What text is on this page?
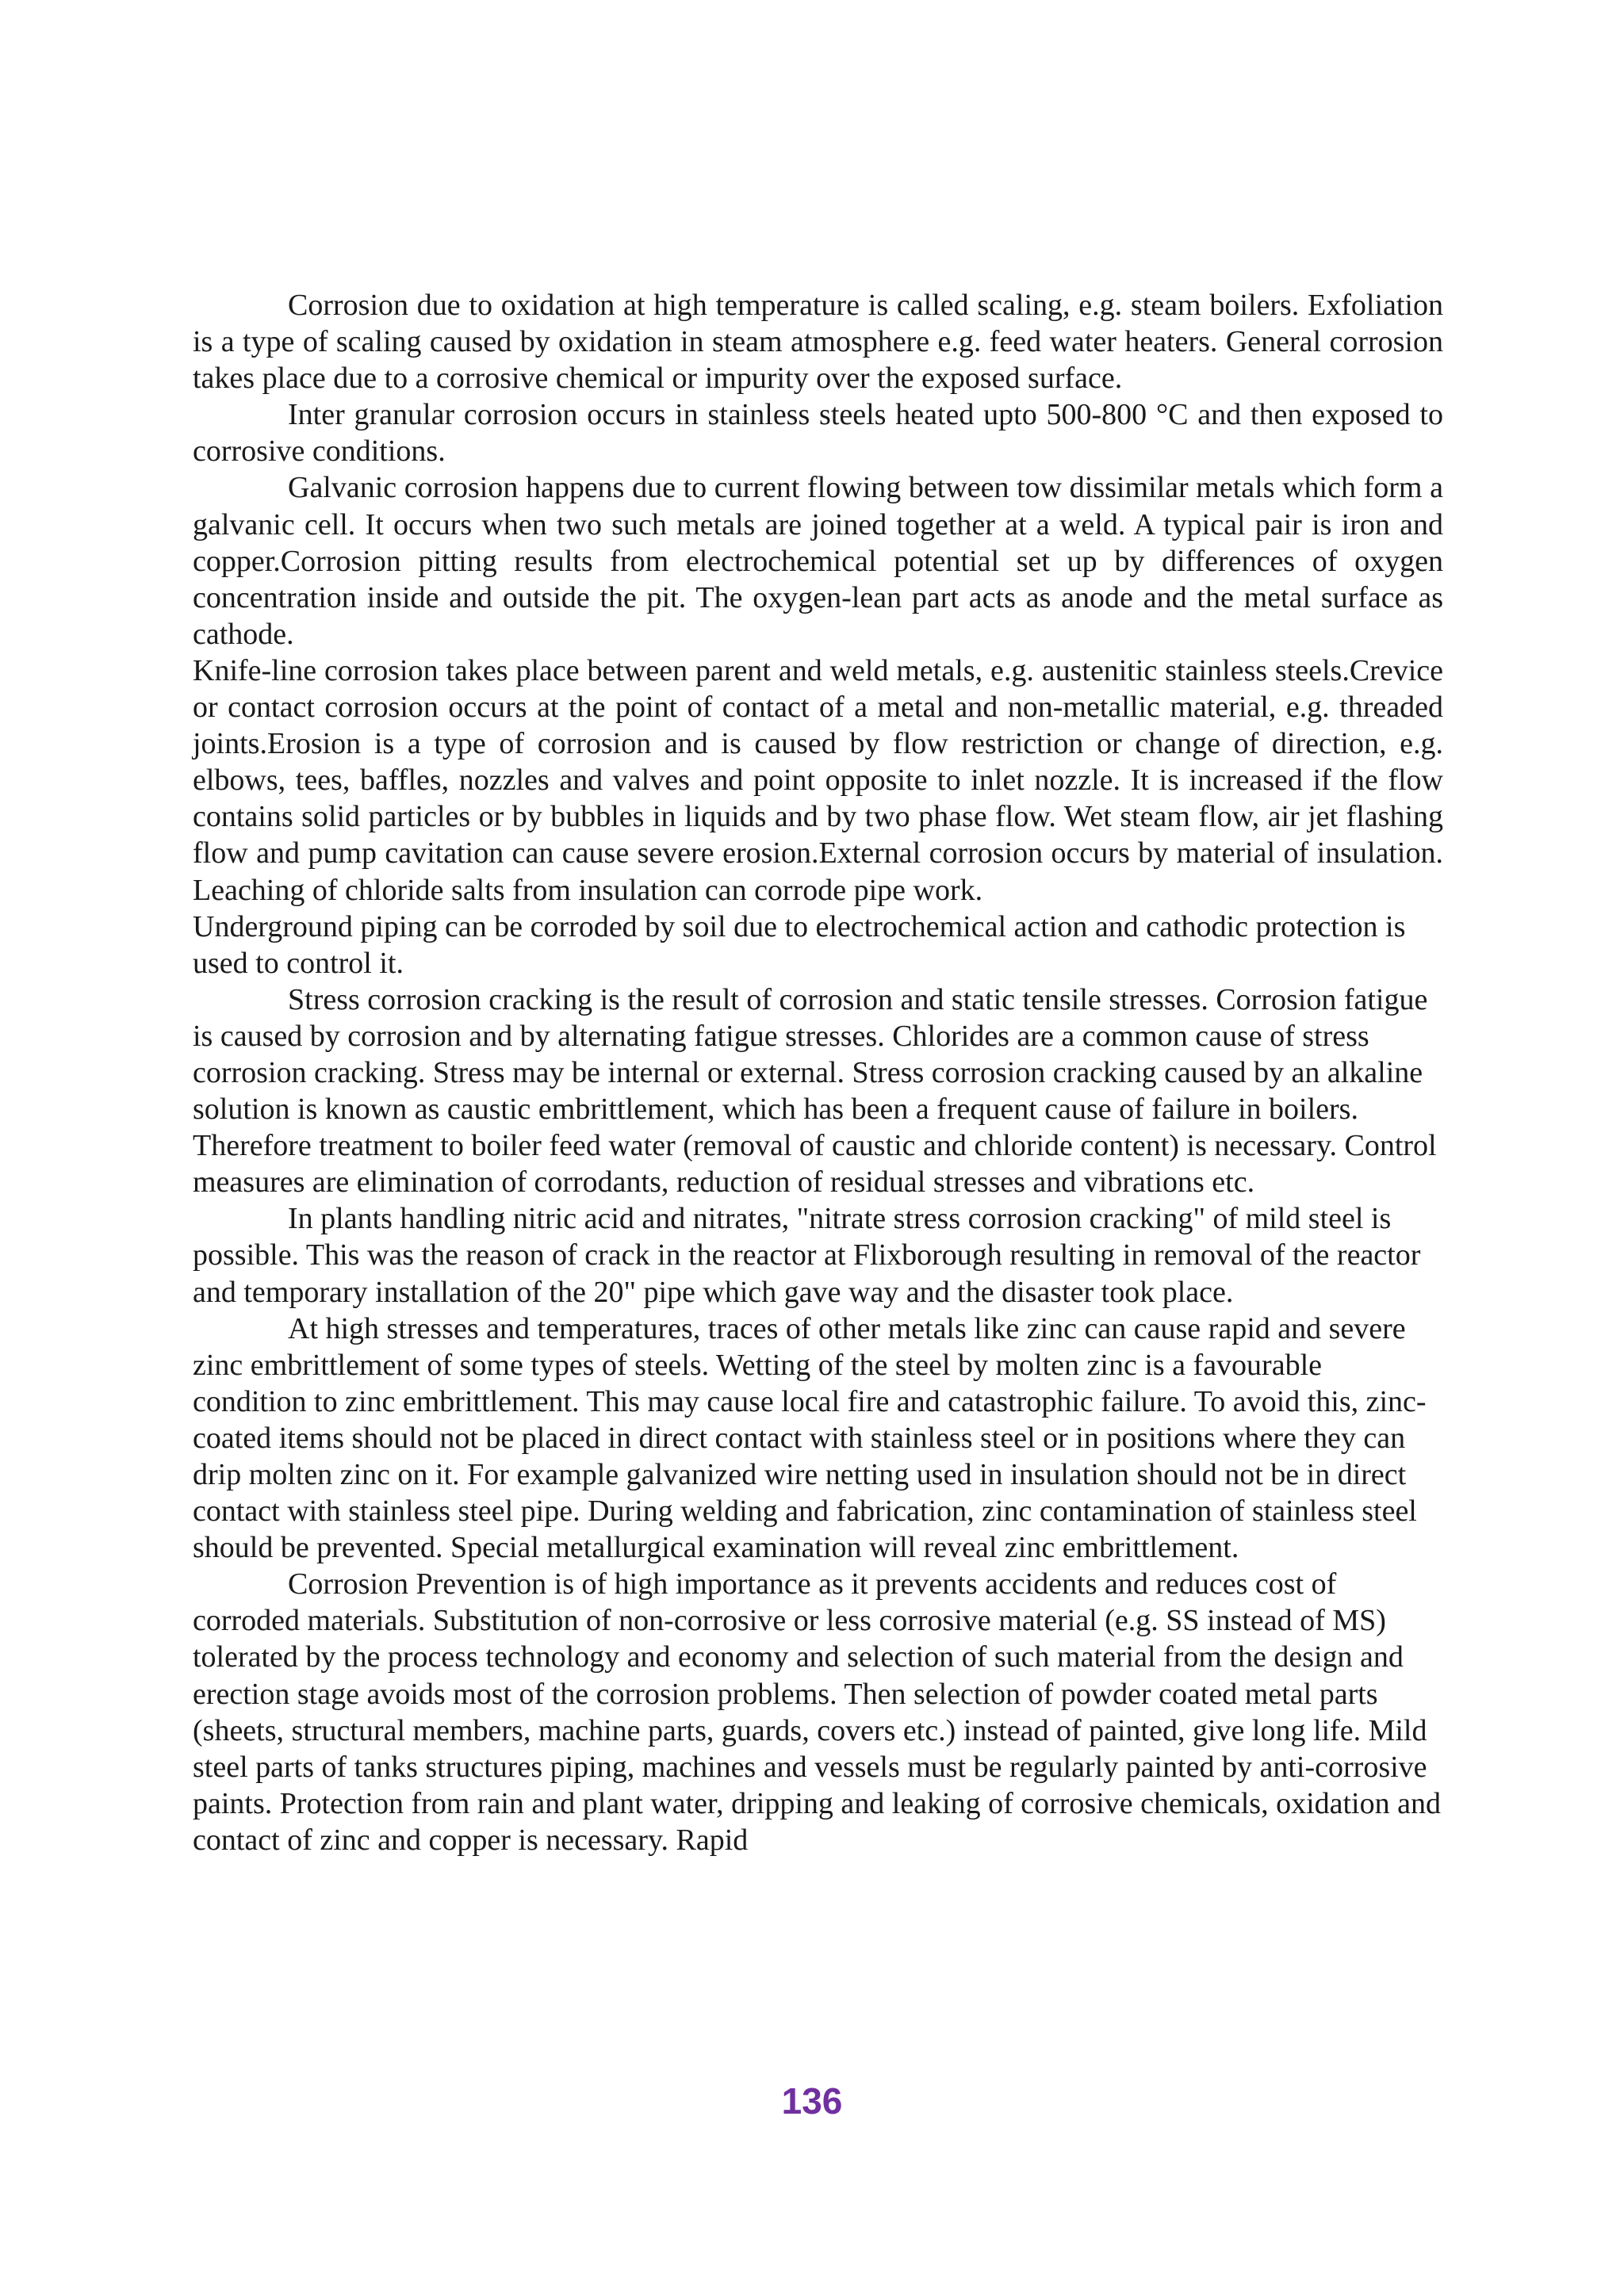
Corrosion due to oxidation at high temperature is called scaling, e.g. steam boilers. Exfoliation is a type of scaling caused by oxidation in steam atmosphere e.g. feed water heaters. General corrosion takes place due to a corrosive chemical or impurity over the exposed surface.

Inter granular corrosion occurs in stainless steels heated upto 500-800 °C and then exposed to corrosive conditions.

Galvanic corrosion happens due to current flowing between tow dissimilar metals which form a galvanic cell. It occurs when two such metals are joined together at a weld. A typical pair is iron and copper.Corrosion pitting results from electrochemical potential set up by differences of oxygen concentration inside and outside the pit. The oxygen-lean part acts as anode and the metal surface as cathode.

Knife-line corrosion takes place between parent and weld metals, e.g. austenitic stainless steels.Crevice or contact corrosion occurs at the point of contact of a metal and non-metallic material, e.g. threaded joints.Erosion is a type of corrosion and is caused by flow restriction or change of direction, e.g. elbows, tees, baffles, nozzles and valves and point opposite to inlet nozzle. It is increased if the flow contains solid particles or by bubbles in liquids and by two phase flow. Wet steam flow, air jet flashing flow and pump cavitation can cause severe erosion.External corrosion occurs by material of insulation. Leaching of chloride salts from insulation can corrode pipe work.

Underground piping can be corroded by soil due to electrochemical action and cathodic protection is used to control it.

Stress corrosion cracking is the result of corrosion and static tensile stresses. Corrosion fatigue is caused by corrosion and by alternating fatigue stresses. Chlorides are a common cause of stress corrosion cracking. Stress may be internal or external. Stress corrosion cracking caused by an alkaline solution is known as caustic embrittlement, which has been a frequent cause of failure in boilers. Therefore treatment to boiler feed water (removal of caustic and chloride content) is necessary. Control measures are elimination of corrodants, reduction of residual stresses and vibrations etc.

In plants handling nitric acid and nitrates, "nitrate stress corrosion cracking" of mild steel is possible. This was the reason of crack in the reactor at Flixborough resulting in removal of the reactor and temporary installation of the 20" pipe which gave way and the disaster took place.

At high stresses and temperatures, traces of other metals like zinc can cause rapid and severe zinc embrittlement of some types of steels. Wetting of the steel by molten zinc is a favourable condition to zinc embrittlement. This may cause local fire and catastrophic failure. To avoid this, zinc-coated items should not be placed in direct contact with stainless steel or in positions where they can drip molten zinc on it. For example galvanized wire netting used in insulation should not be in direct contact with stainless steel pipe. During welding and fabrication, zinc contamination of stainless steel should be prevented. Special metallurgical examination will reveal zinc embrittlement.

Corrosion Prevention is of high importance as it prevents accidents and reduces cost of corroded materials. Substitution of non-corrosive or less corrosive material (e.g. SS instead of MS) tolerated by the process technology and economy and selection of such material from the design and erection stage avoids most of the corrosion problems. Then selection of powder coated metal parts (sheets, structural members, machine parts, guards, covers etc.) instead of painted, give long life. Mild steel parts of tanks structures piping, machines and vessels must be regularly painted by anti-corrosive paints. Protection from rain and plant water, dripping and leaking of corrosive chemicals, oxidation and contact of zinc and copper is necessary. Rapid

136
